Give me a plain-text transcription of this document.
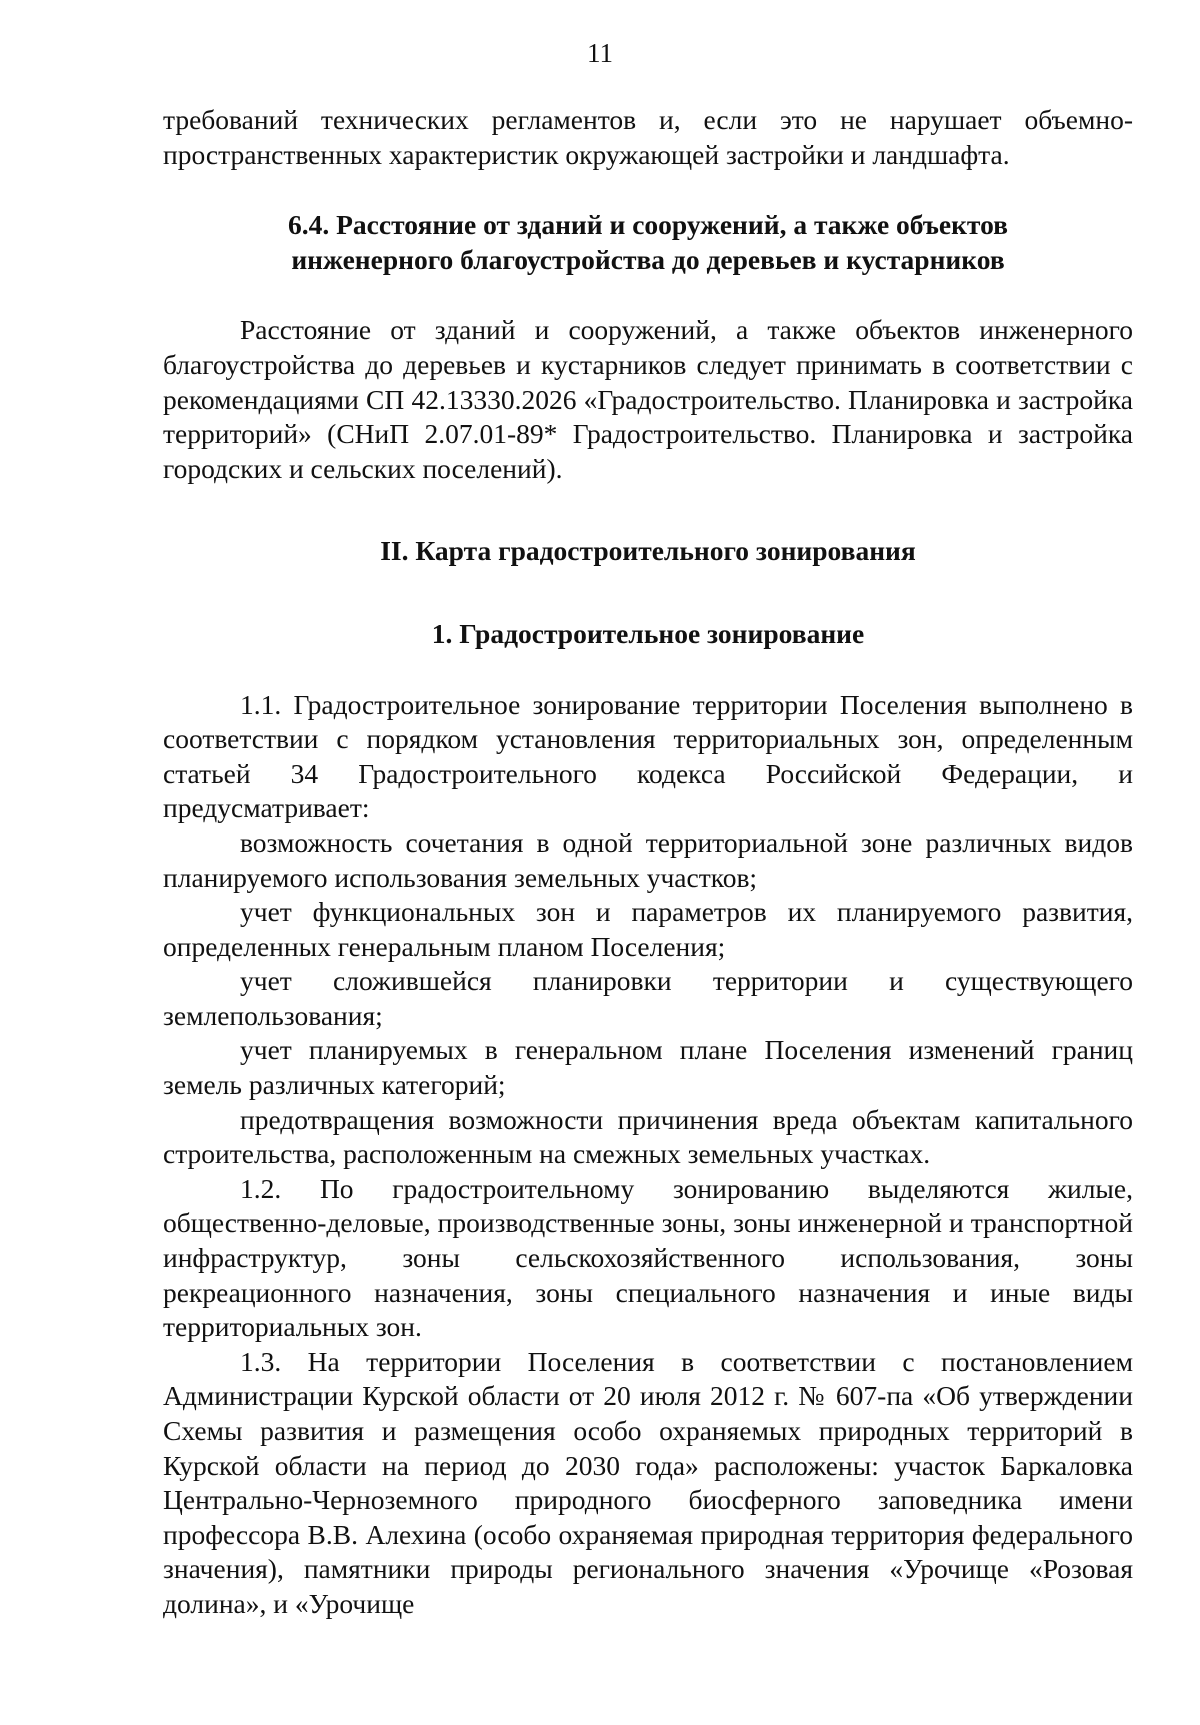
11

требований технических регламентов и, если это не нарушает объемно-пространственных характеристик окружающей застройки и ландшафта.

6.4. Расстояние от зданий и сооружений, а также объектов
инженерного благоустройства до деревьев и кустарников

Расстояние от зданий и сооружений, а также объектов инженерного благоустройства до деревьев и кустарников следует принимать в соответствии с рекомендациями СП 42.13330.2026 «Градостроительство. Планировка и застройка территорий» (СНиП 2.07.01-89* Градостроительство. Планировка и застройка городских и сельских поселений).

II. Карта градостроительного зонирования
1. Градостроительное зонирование

1.1. Градостроительное зонирование территории Поселения выполнено в соответствии с порядком установления территориальных зон, определенным статьей 34 Градостроительного кодекса Российской Федерации, и предусматривает:

возможность сочетания в одной территориальной зоне различных видов планируемого использования земельных участков;

учет функциональных зон и параметров их планируемого развития, определенных генеральным планом Поселения;

учет сложившейся планировки территории и существующего землепользования;

учет планируемых в генеральном плане Поселения изменений границ земель различных категорий;

предотвращения возможности причинения вреда объектам капитального строительства, расположенным на смежных земельных участках.

1.2. По градостроительному зонированию выделяются жилые, общественно-деловые, производственные зоны, зоны инженерной и транспортной инфраструктур, зоны сельскохозяйственного использования, зоны рекреационного назначения, зоны специального назначения и иные виды территориальных зон.

1.3. На территории Поселения в соответствии с постановлением Администрации Курской области от 20 июля 2012 г. № 607-па «Об утверждении Схемы развития и размещения особо охраняемых природных территорий в Курской области на период до 2030 года» расположены: участок Баркаловка Центрально-Черноземного природного биосферного заповедника имени профессора В.В. Алехина (особо охраняемая природная территория федерального значения), памятники природы регионального значения «Урочище «Розовая долина», и «Урочище
